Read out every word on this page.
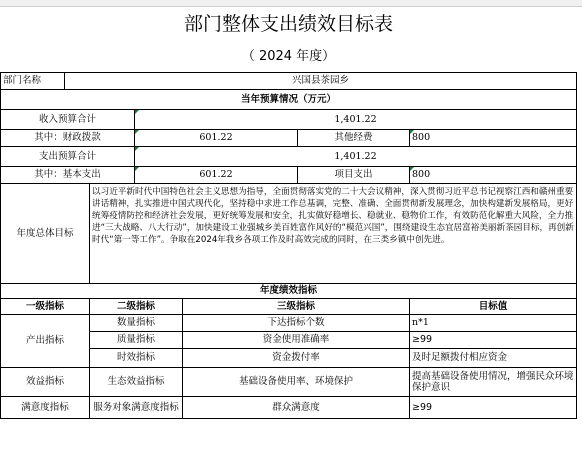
部门整体支出绩效目标表						
（ 2024 年度）						
部门名称	兴国县茶园乡					
当年预算情况（万元）						
收入预算合计			1,401.22			
其中：财政拨款			601.22		其他经费	800
支出预算合计			1,401.22			
其中：基本支出			601.22		项目支出	800
年度总体目标		以习近平新时代中国特色社会主义思想为指导，全面贯彻落实党的二十大会议精神，深入贯彻习近平总书记视察江西和赣州重要讲话精神，扎实推进中国式现代化，坚持稳中求进工作总基调，完整、准确、全面贯彻新发展理念，加快构建新发展格局，更好统筹疫情防控和经济社会发展，更好统筹发展和安全，扎实做好稳增长、稳就业、稳物价工作，有效防范化解重大风险，全力推进“三大战略、八大行动”，加快建设工业强城乡美百姓富作风好的“模范兴国”，围绕建设生态宜居富裕美丽新茶园目标，再创新时代“第一等工作”。争取在2024年我乡各项工作及时高效完成的同时，在三类乡镇中创先进。				
年度绩效指标						
一级指标		二级指标		三级指标		目标值
产出指标		数量指标		下达指标个数		n*1
		质量指标		资金使用准确率		≥99
		时效指标		资金拨付率		及时足额拨付相应资金
效益指标		生态效益指标		基础设备使用率、环境保护		提高基础设备使用情况，增强民众环境保护意识
满意度指标		服务对象满意度指标		群众满意度		≥99
